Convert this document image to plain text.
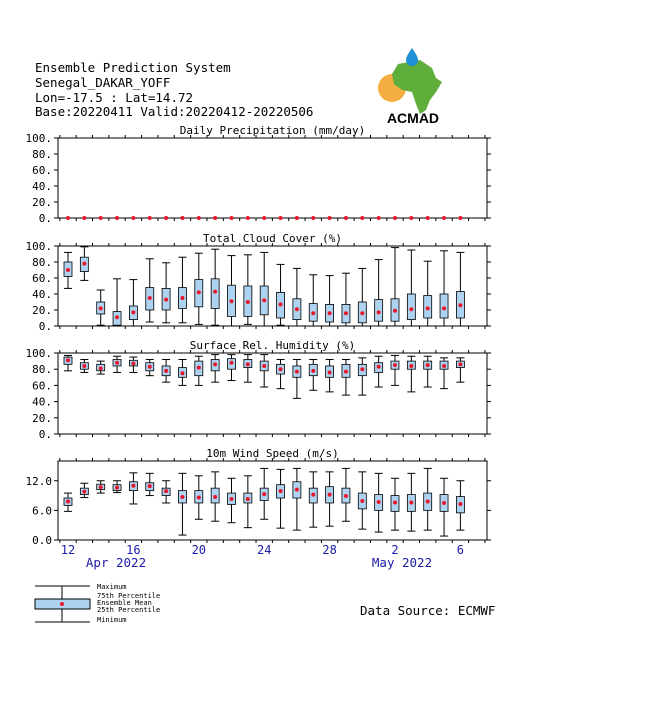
Ensemble Prediction System
Senegal_DAKAR_YOFF
Lon=-17.5 : Lat=14.72
Base:20220411 Valid:20220412-20220506	ACMAD
Daily Precipitation (mm/day)
0.
20.
40.
60.
80.
100.
Total Cloud Cover (%)
0.
20.
40.
60.
80.
100.
Surface Rel. Humidity (%)
0.
20.
40.
60.
80.
100.
10m Wind Speed (m/s)
0.0
6.0
12.0
12	16	20	24	28	2	6
Apr 2022	May 2022
Data Source: ECMWF
Maximum
75th Percentile
Ensemble Mean
25th Percentile
Minimum
